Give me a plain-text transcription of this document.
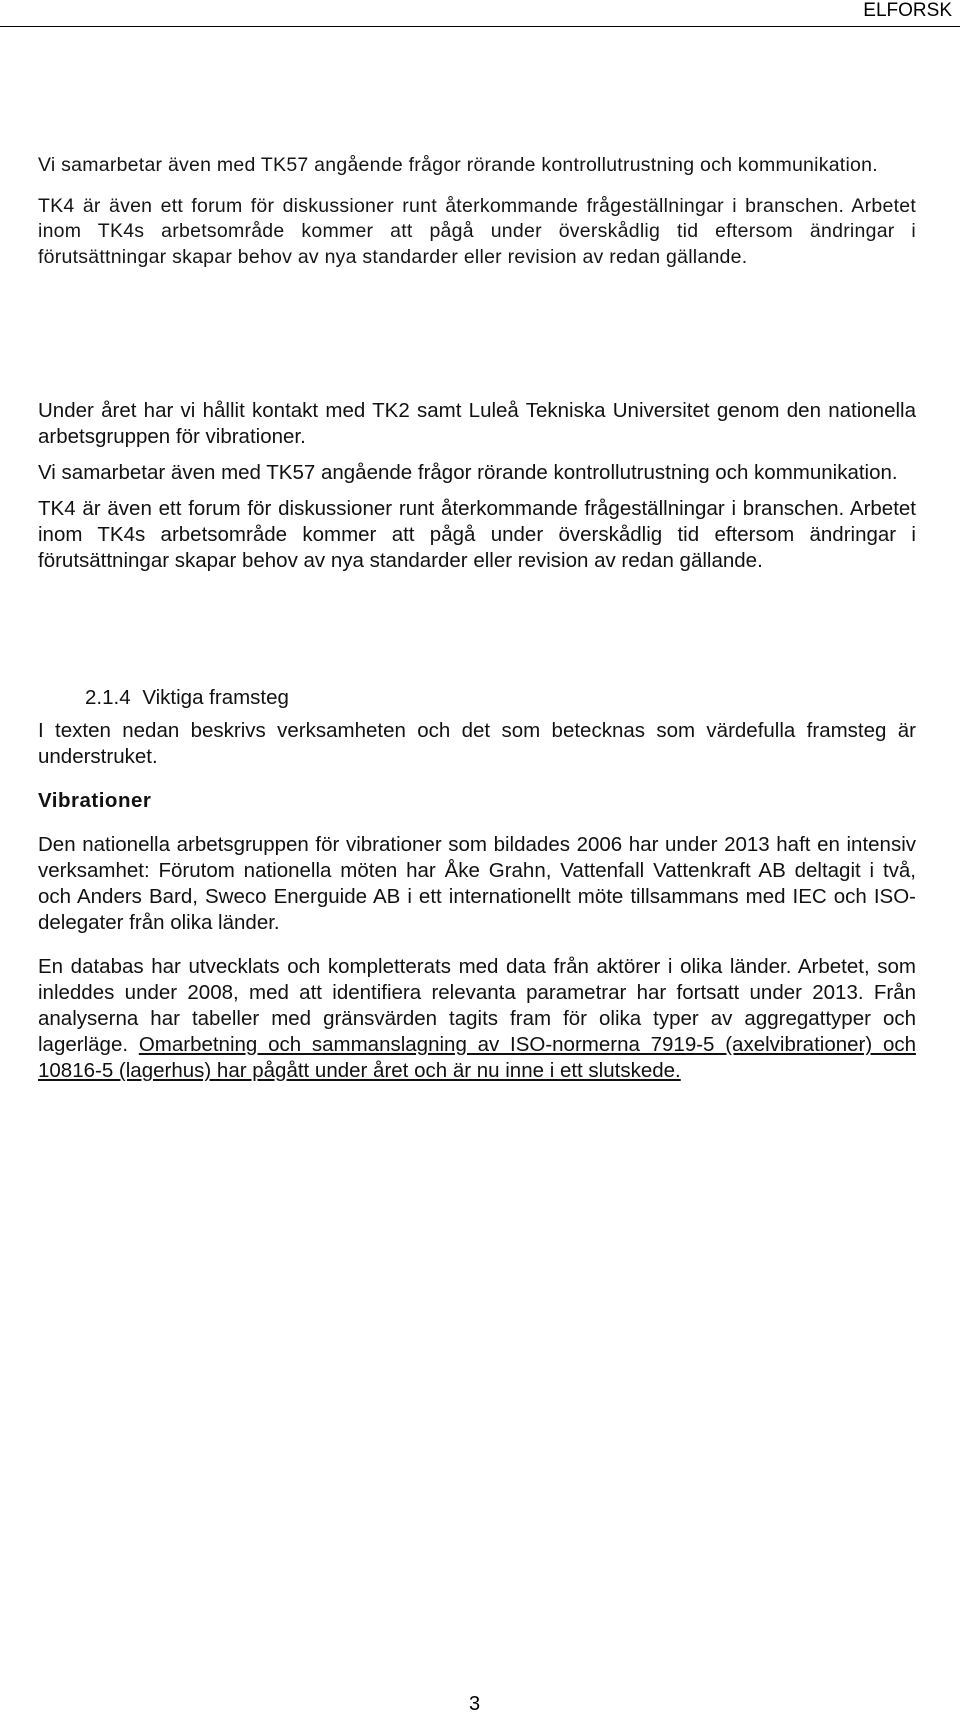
ELFORSK

Vi samarbetar även med TK57 angående frågor rörande kontrollutrustning och kommunikation.

TK4 är även ett forum för diskussioner runt återkommande frågeställningar i branschen. Arbetet inom TK4s arbetsområde kommer att pågå under överskådlig tid eftersom ändringar i förutsättningar skapar behov av nya standarder eller revision av redan gällande.

Under året har vi hållit kontakt med TK2 samt Luleå Tekniska Universitet genom den nationella arbetsgruppen för vibrationer.

Vi samarbetar även med TK57 angående frågor rörande kontrollutrustning och kommunikation.

TK4 är även ett forum för diskussioner runt återkommande frågeställningar i branschen. Arbetet inom TK4s arbetsområde kommer att pågå under överskådlig tid eftersom ändringar i förutsättningar skapar behov av nya standarder eller revision av redan gällande.

2.1.4 Viktiga framsteg

I texten nedan beskrivs verksamheten och det som betecknas som värdefulla framsteg är understruket.

Vibrationer

Den nationella arbetsgruppen för vibrationer som bildades 2006 har under 2013 haft en intensiv verksamhet: Förutom nationella möten har Åke Grahn, Vattenfall Vattenkraft AB deltagit i två, och Anders Bard, Sweco Energuide AB i ett internationellt möte tillsammans med IEC och ISO-delegater från olika länder.

En databas har utvecklats och kompletterats med data från aktörer i olika länder. Arbetet, som inleddes under 2008, med att identifiera relevanta parametrar har fortsatt under 2013. Från analyserna har tabeller med gränsvärden tagits fram för olika typer av aggregattyper och lagerläge. Omarbetning och sammanslagning av ISO-normerna 7919-5 (axelvibrationer) och 10816-5 (lagerhus) har pågått under året och är nu inne i ett slutskede.

3
